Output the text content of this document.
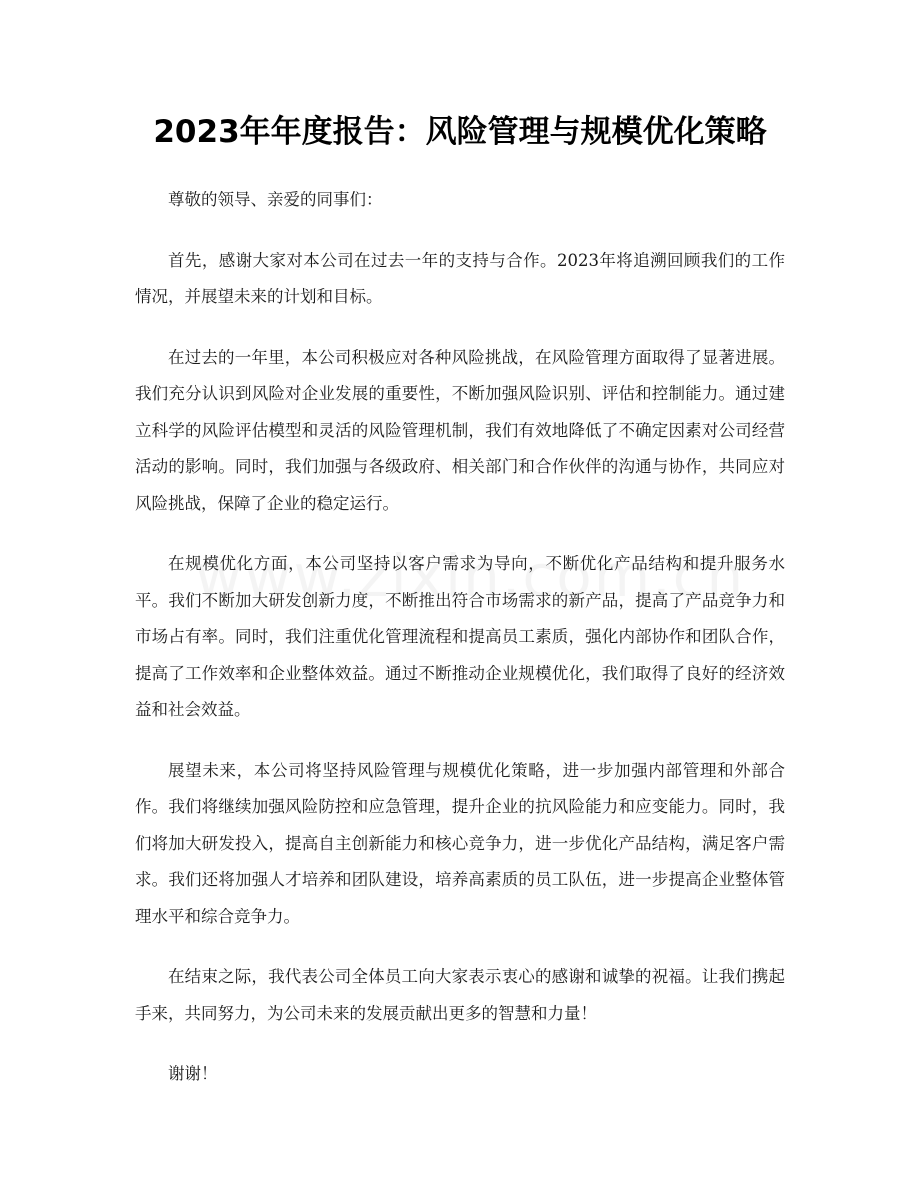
2023年年度报告：风险管理与规模优化策略

尊敬的领导、亲爱的同事们：

首先，感谢大家对本公司在过去一年的支持与合作。2023年将追溯回顾我们的工作情况，并展望未来的计划和目标。

在过去的一年里，本公司积极应对各种风险挑战，在风险管理方面取得了显著进展。我们充分认识到风险对企业发展的重要性，不断加强风险识别、评估和控制能力。通过建立科学的风险评估模型和灵活的风险管理机制，我们有效地降低了不确定因素对公司经营活动的影响。同时，我们加强与各级政府、相关部门和合作伙伴的沟通与协作，共同应对风险挑战，保障了企业的稳定运行。

在规模优化方面，本公司坚持以客户需求为导向，不断优化产品结构和提升服务水平。我们不断加大研发创新力度，不断推出符合市场需求的新产品，提高了产品竞争力和市场占有率。同时，我们注重优化管理流程和提高员工素质，强化内部协作和团队合作，提高了工作效率和企业整体效益。通过不断推动企业规模优化，我们取得了良好的经济效益和社会效益。

展望未来，本公司将坚持风险管理与规模优化策略，进一步加强内部管理和外部合作。我们将继续加强风险防控和应急管理，提升企业的抗风险能力和应变能力。同时，我们将加大研发投入，提高自主创新能力和核心竞争力，进一步优化产品结构，满足客户需求。我们还将加强人才培养和团队建设，培养高素质的员工队伍，进一步提高企业整体管理水平和综合竞争力。

在结束之际，我代表公司全体员工向大家表示衷心的感谢和诚挚的祝福。让我们携起手来，共同努力，为公司未来的发展贡献出更多的智慧和力量！

谢谢！
